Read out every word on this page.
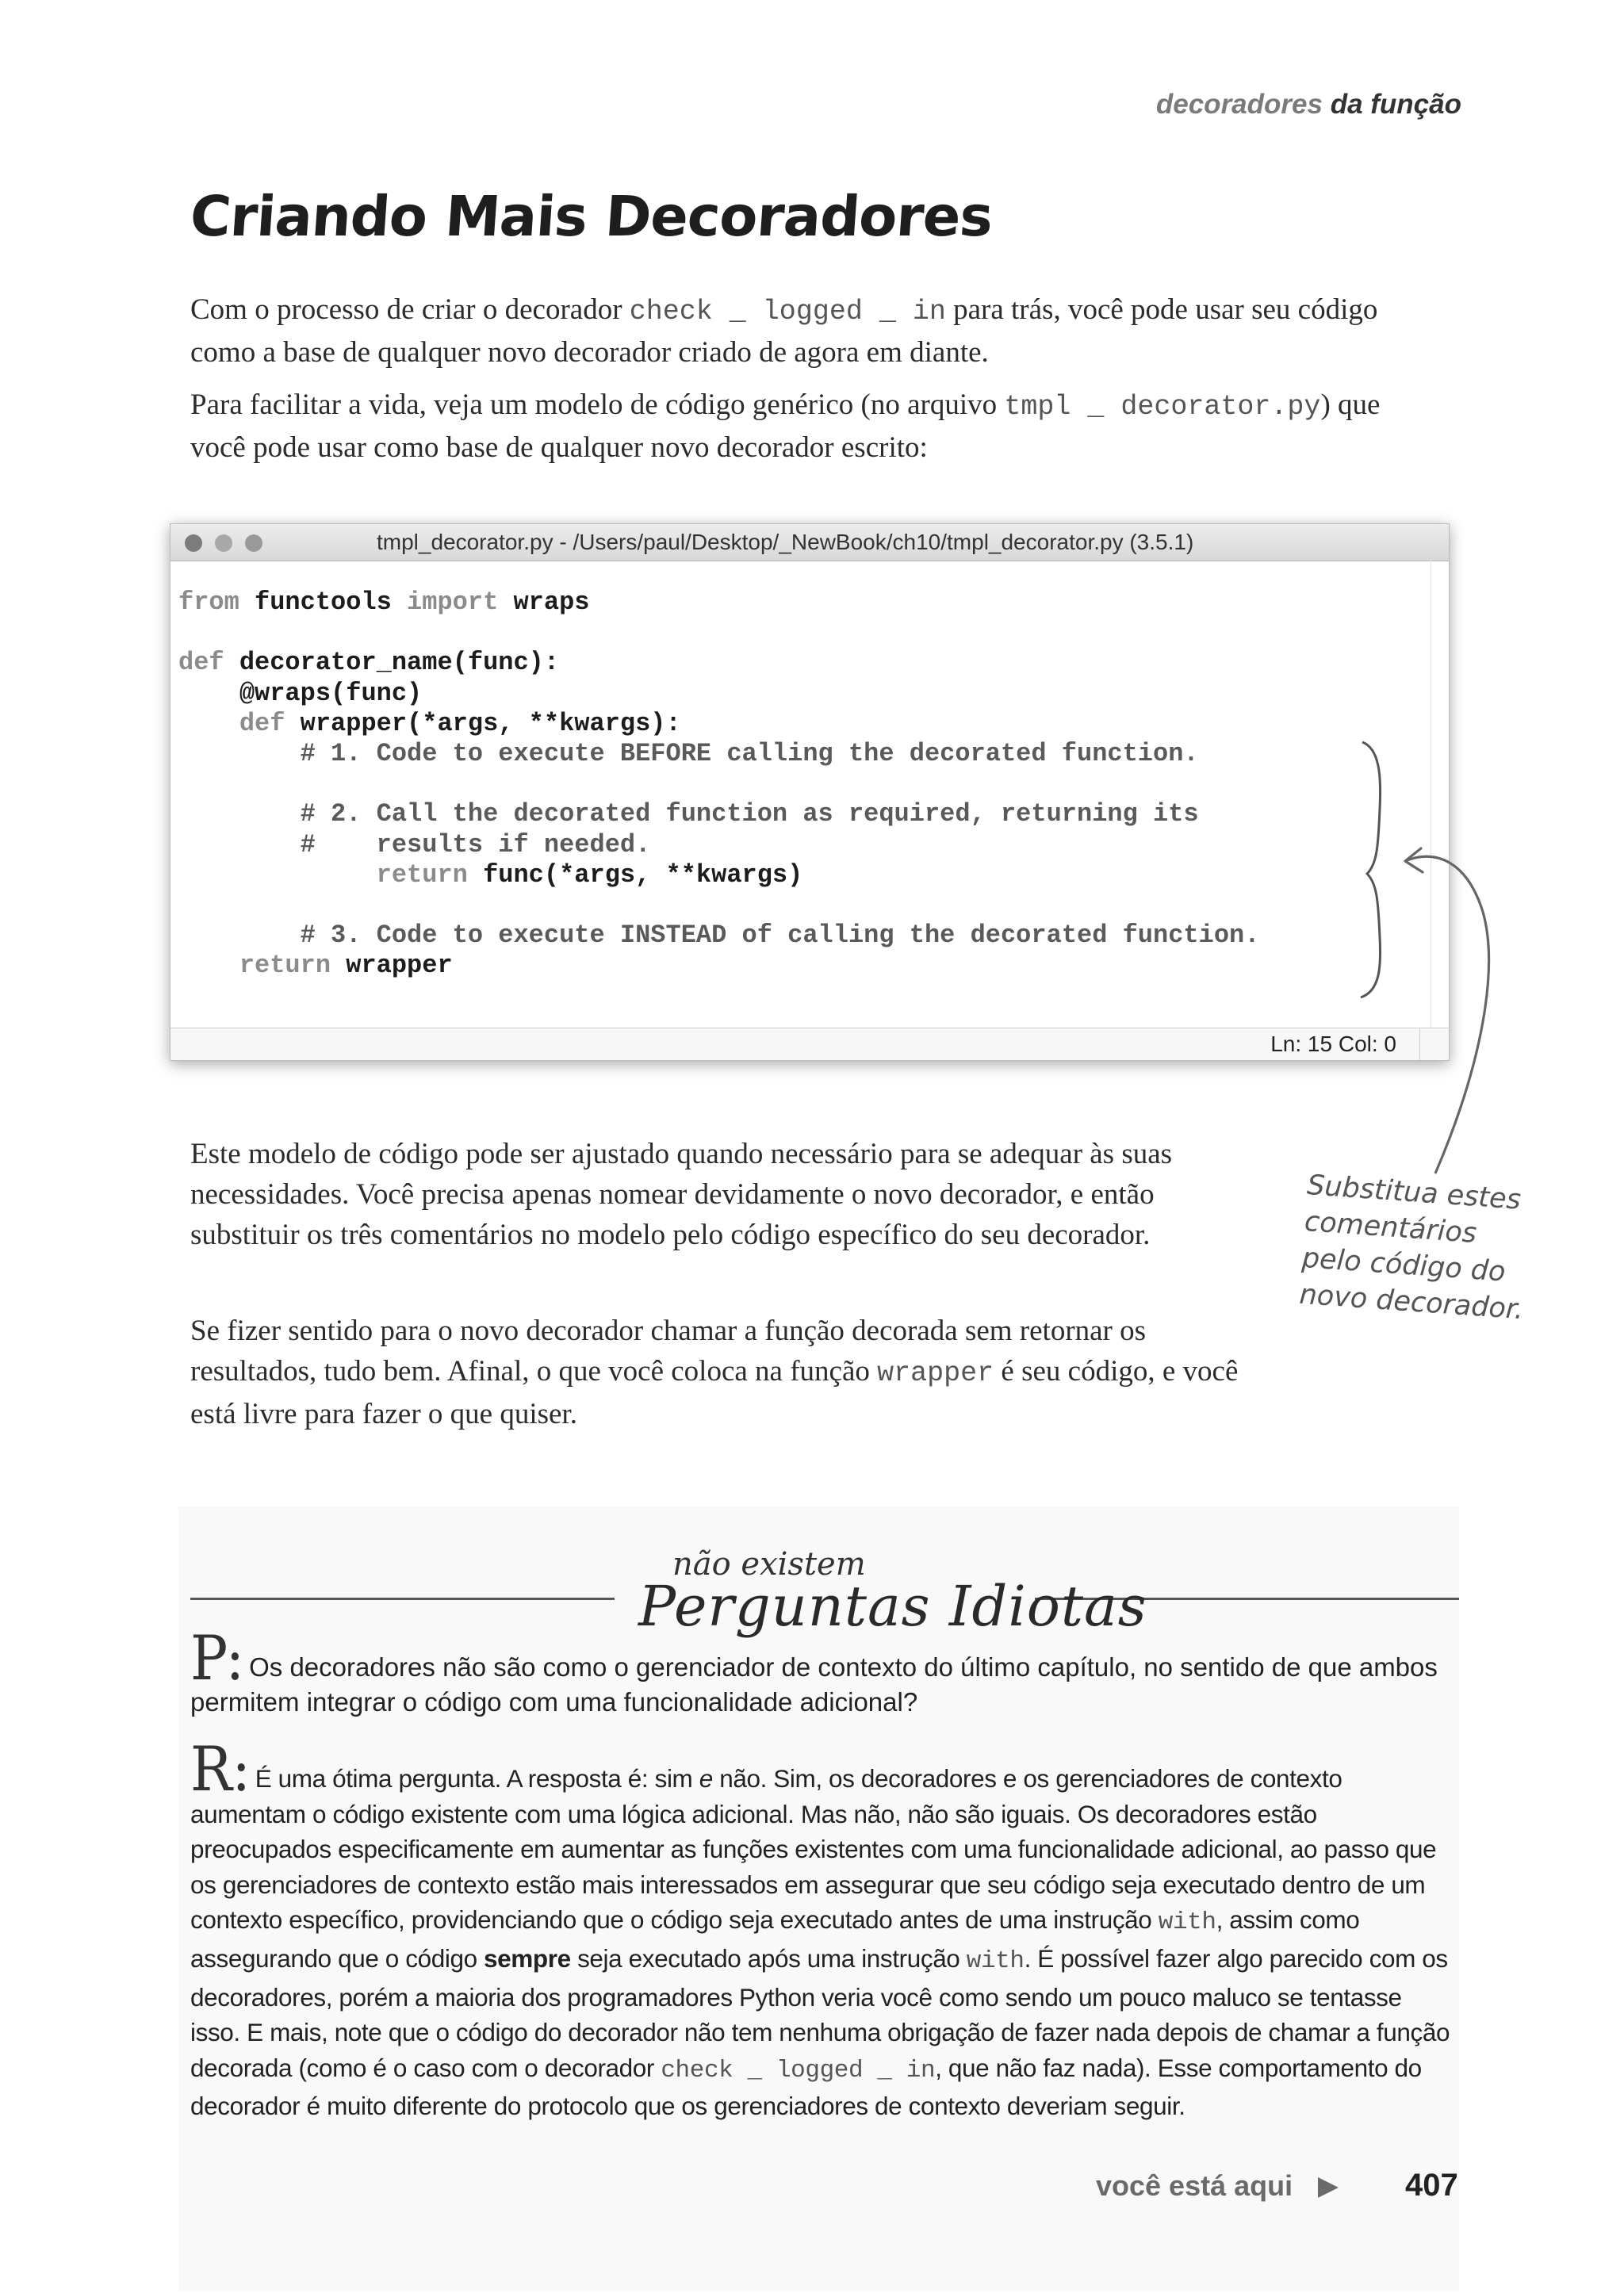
decoradores da função
Criando Mais Decoradores

Com o processo de criar o decorador check _ logged _ in para trás, você pode usar seu código como a base de qualquer novo decorador criado de agora em diante.

Para facilitar a vida, veja um modelo de código genérico (no arquivo tmpl _ decorator.py) que você pode usar como base de qualquer novo decorador escrito:

tmpl_decorator.py - /Users/paul/Desktop/_NewBook/ch10/tmpl_decorator.py (3.5.1)
from functools import wraps

def decorator_name(func):
@wraps(func)
def wrapper(*args, **kwargs):
# 1. Code to execute BEFORE calling the decorated function.

# 2. Call the decorated function as required, returning its
#    results if needed.
return func(*args, **kwargs)

# 3. Code to execute INSTEAD of calling the decorated function.
return wrapper
Ln: 15 Col: 0
Substitua estes
comentários
pelo código do
novo decorador.

Este modelo de código pode ser ajustado quando necessário para se adequar às suas necessidades. Você precisa apenas nomear devidamente o novo decorador, e então substituir os três comentários no modelo pelo código específico do seu decorador.

Se fizer sentido para o novo decorador chamar a função decorada sem retornar os resultados, tudo bem. Afinal, o que você coloca na função wrapper é seu código, e você está livre para fazer o que quiser.

não existem
Perguntas Idiotas

P: Os decoradores não são como o gerenciador de contexto do último capítulo, no sentido de que ambos permitem integrar o código com uma funcionalidade adicional?

R: É uma ótima pergunta. A resposta é: sim e não. Sim, os decoradores e os gerenciadores de contexto aumentam o código existente com uma lógica adicional. Mas não, não são iguais. Os decoradores estão preocupados especificamente em aumentar as funções existentes com uma funcionalidade adicional, ao passo que os gerenciadores de contexto estão mais interessados em assegurar que seu código seja executado dentro de um contexto específico, providenciando que o código seja executado antes de uma instrução with, assim como assegurando que o código sempre seja executado após uma instrução with. É possível fazer algo parecido com os decoradores, porém a maioria dos programadores Python veria você como sendo um pouco maluco se tentasse isso. E mais, note que o código do decorador não tem nenhuma obrigação de fazer nada depois de chamar a função decorada (como é o caso com o decorador check _ logged _ in, que não faz nada). Esse comportamento do decorador é muito diferente do protocolo que os gerenciadores de contexto deveriam seguir.

você está aqui	407
